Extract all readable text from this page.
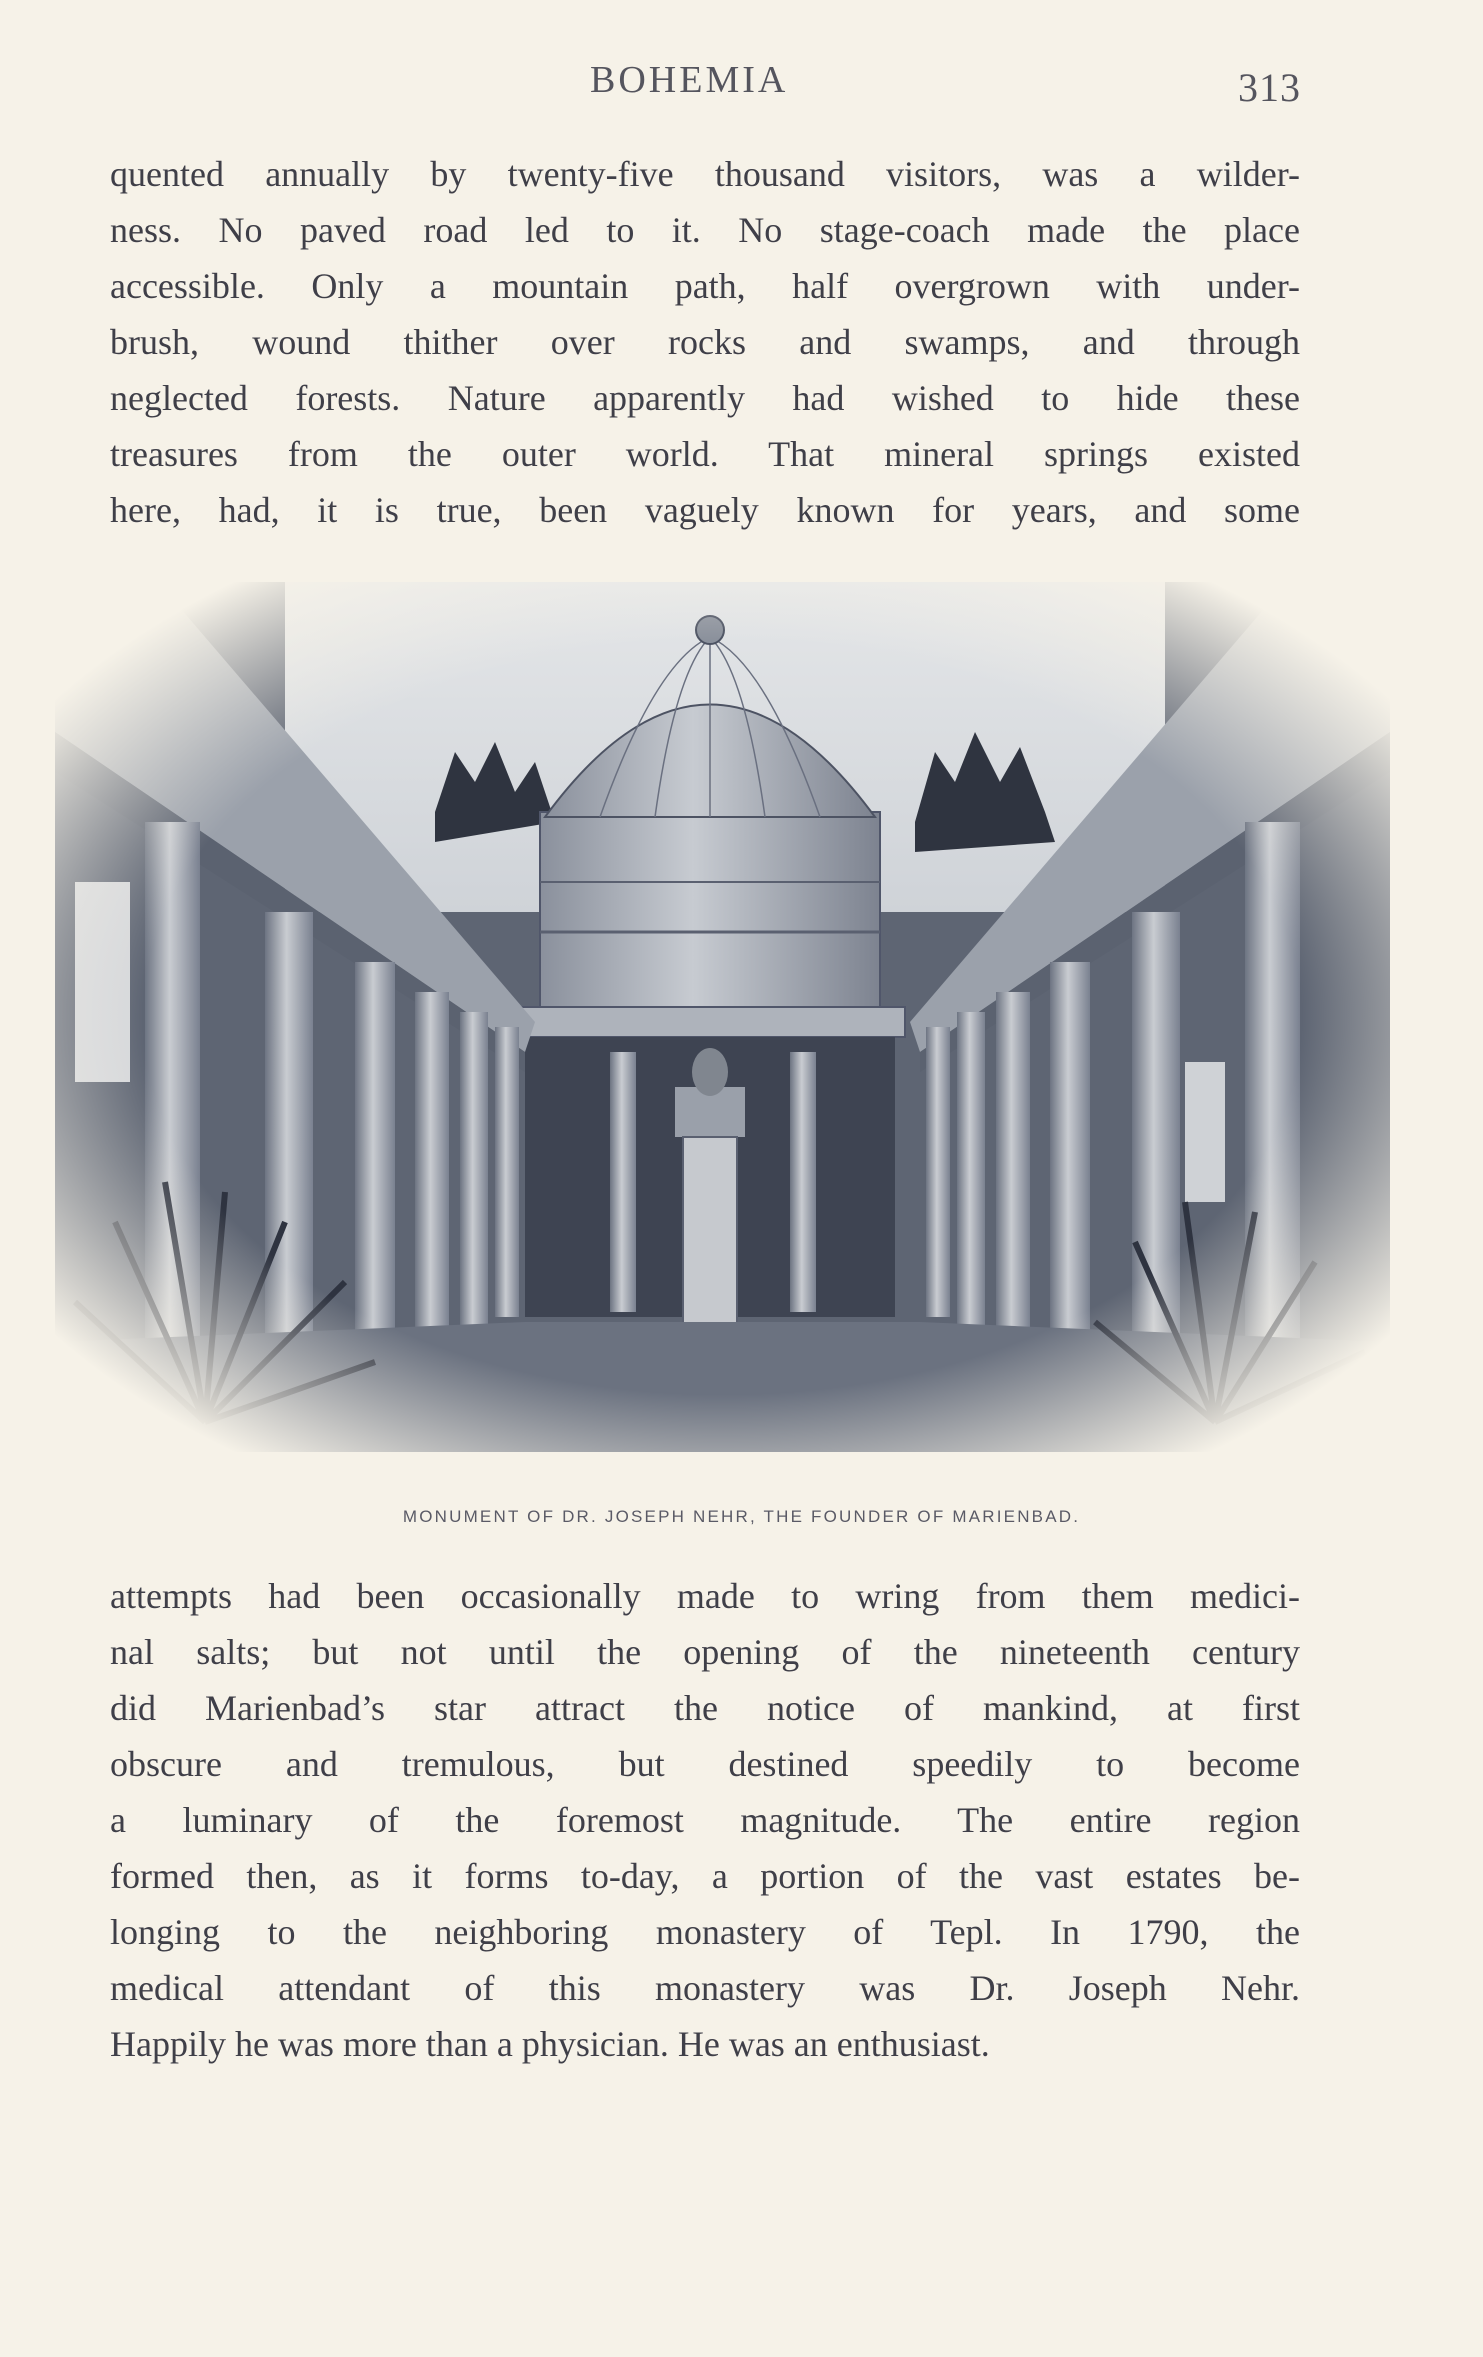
BOHEMIA	313
quented annually by twenty-five thousand visitors, was a wilder-
ness. No paved road led to it. No stage-coach made the place
accessible. Only a mountain path, half overgrown with under-
brush, wound thither over rocks and swamps, and through
neglected forests. Nature apparently had wished to hide these
treasures from the outer world. That mineral springs existed
here, had, it is true, been vaguely known for years, and some
MONUMENT OF DR. JOSEPH NEHR, THE FOUNDER OF MARIENBAD.
attempts had been occasionally made to wring from them medici-
nal salts; but not until the opening of the nineteenth century
did Marienbad’s star attract the notice of mankind, at first
obscure and tremulous, but destined speedily to become
a luminary of the foremost magnitude. The entire region
formed then, as it forms to-day, a portion of the vast estates be-
longing to the neighboring monastery of Tepl. In 1790, the
medical attendant of this monastery was Dr. Joseph Nehr.
Happily he was more than a physician. He was an enthusiast.
